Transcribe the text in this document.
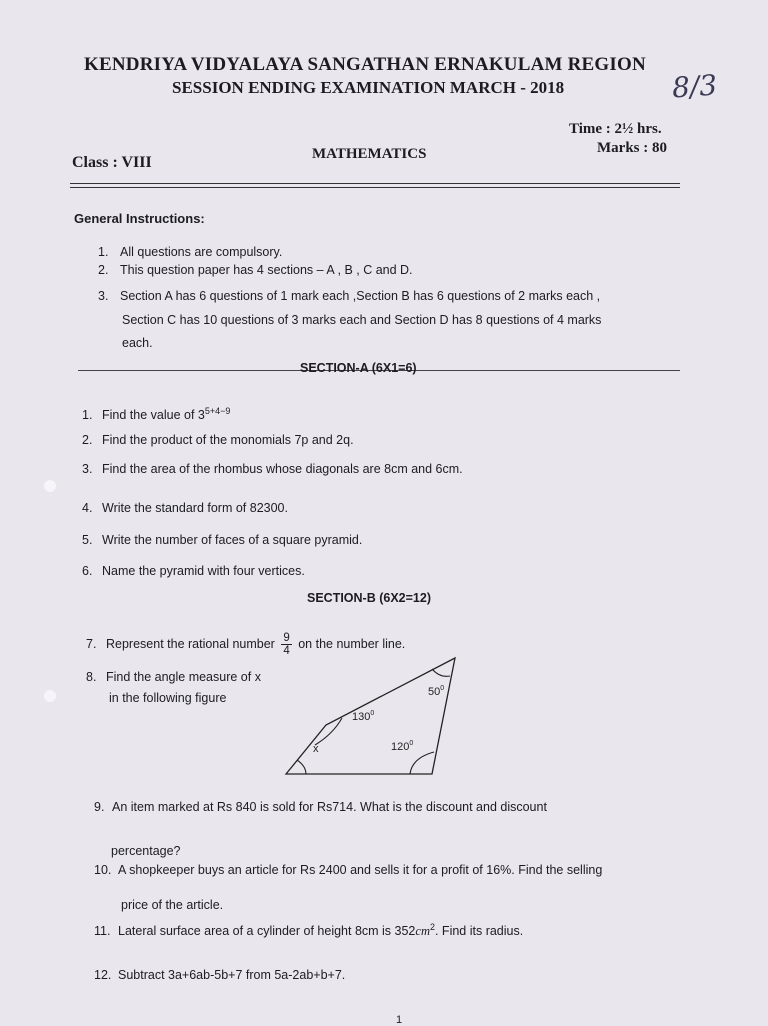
KENDRIYA VIDYALAYA SANGATHAN ERNAKULAM REGION
SESSION ENDING EXAMINATION MARCH - 2018	8/3
Time : 2½ hrs.
Marks : 80
Class : VIII	MATHEMATICS
General Instructions:
1. All questions are compulsory.
2. This question paper has 4 sections – A , B , C and D.
3. Section A has 6 questions of 1 mark each ,Section B has 6 questions of 2 marks each ,
Section C has 10 questions of 3 marks each and Section D has 8 questions of 4 marks
each.
SECTION-A (6X1=6)
1. Find the value of $3^{5+4-9}$
2. Find the product of the monomials 7p and 2q.
3. Find the area of the rhombus whose diagonals are 8cm and 6cm.
4. Write the standard form of 82300.
5. Write the number of faces of a square pyramid.
6. Name the pyramid with four vertices.
SECTION-B (6X2=12)
7. Represent the rational number $\frac{9}{4}$ on the number line.
8. Find the angle measure of x
in the following figure	$50^0$
$130^0$
$120^0$
x
9. An item marked at Rs 840 is sold for Rs714. What is the discount and discount
percentage?
10. A shopkeeper buys an article for Rs 2400 and sells it for a profit of 16%. Find the selling
price of the article.
11. Lateral surface area of a cylinder of height 8cm is $352cm^2$. Find its radius.
12. Subtract 3a+6ab-5b+7 from 5a-2ab+b+7.
1
